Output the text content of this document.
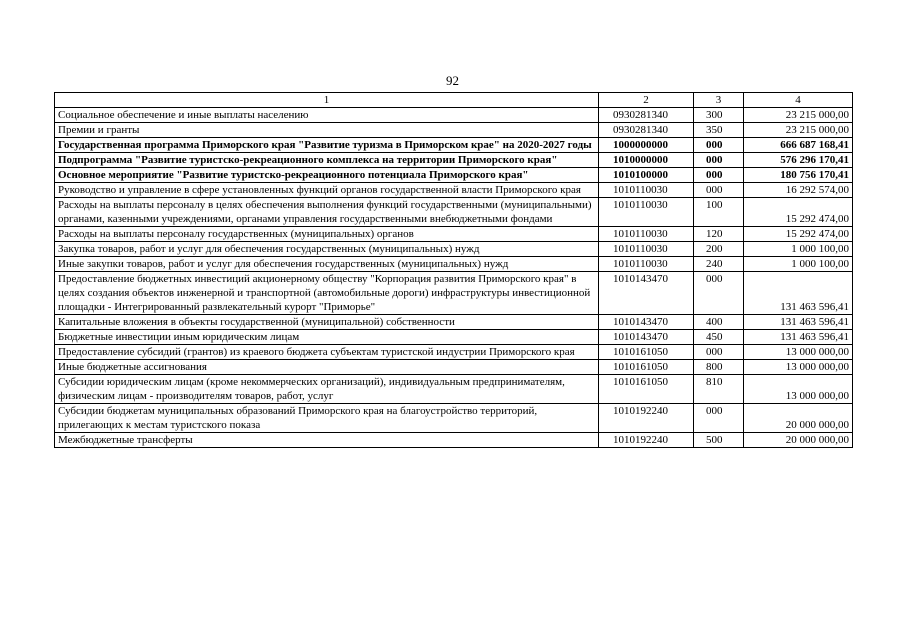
92
1	2	3	4
Социальное обеспечение и иные выплаты населению	0930281340	300	23 215 000,00
Премии и гранты	0930281340	350	23 215 000,00
Государственная программа Приморского края "Развитие туризма в Приморском крае" на 2020-2027 годы	1000000000	000	666 687 168,41
Подпрограмма "Развитие туристско-рекреационного комплекса на территории Приморского края"	1010000000	000	576 296 170,41
Основное мероприятие "Развитие туристско-рекреационного потенциала Приморского края"	1010100000	000	180 756 170,41
Руководство и управление в сфере установленных функций органов государственной власти Приморского края	1010110030	000	16 292 574,00
Расходы на выплаты персоналу в целях обеспечения выполнения функций государственными (муниципальными) органами, казенными учреждениями, органами управления государственными внебюджетными фондами	1010110030	100	15 292 474,00
Расходы на выплаты персоналу государственных (муниципальных) органов	1010110030	120	15 292 474,00
Закупка товаров, работ и услуг для обеспечения государственных (муниципальных) нужд	1010110030	200	1 000 100,00
Иные закупки товаров, работ и услуг для обеспечения государственных (муниципальных) нужд	1010110030	240	1 000 100,00
Предоставление бюджетных инвестиций акционерному обществу "Корпорация развития Приморского края" в целях создания объектов инженерной и транспортной (автомобильные дороги) инфраструктуры инвестиционной площадки - Интегрированный развлекательный курорт "Приморье"	1010143470	000	131 463 596,41
Капитальные вложения в объекты государственной (муниципальной) собственности	1010143470	400	131 463 596,41
Бюджетные инвестиции иным юридическим лицам	1010143470	450	131 463 596,41
Предоставление субсидий (грантов) из краевого бюджета субъектам туристской индустрии Приморского края	1010161050	000	13 000 000,00
Иные бюджетные ассигнования	1010161050	800	13 000 000,00
Субсидии юридическим лицам (кроме некоммерческих организаций), индивидуальным предпринимателям, физическим лицам - производителям товаров, работ, услуг	1010161050	810	13 000 000,00
Субсидии бюджетам муниципальных образований Приморского края на благоустройство территорий, прилегающих к местам туристского показа	1010192240	000	20 000 000,00
Межбюджетные трансферты	1010192240	500	20 000 000,00
